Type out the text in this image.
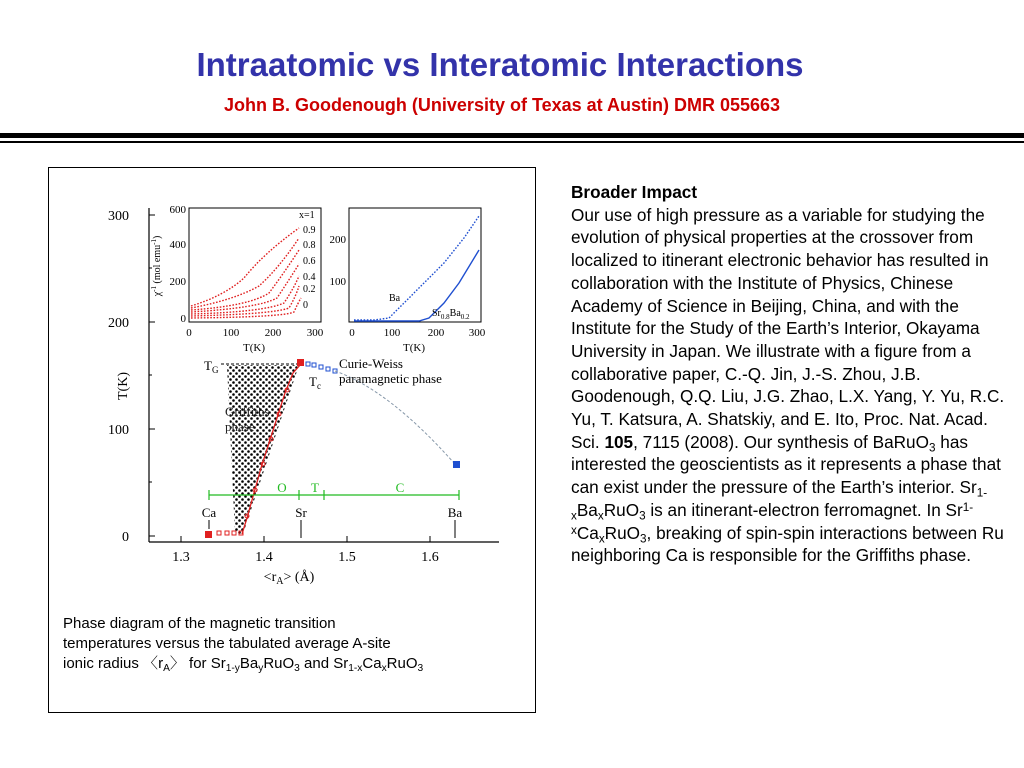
Intraatomic vs Interatomic Interactions
John B. Goodenough (University of Texas at Austin) DMR 055663
300
200
100
0
T(K)
1.3	1.4	1.5	1.6
$<r_A>$ (Å)
Griffiths
phase
$T_G$
$T_c$
Curie-Weiss
paramagnetic phase
O T	C
Ca	Sr	Ba
600
400
200
0
0	100 200 300
T(K)
$\chi^{-1}$ (mol emu$^{-1}$)
x=1
0.9
0.8
0.6
0.4
0.2
0
200
100
0	100	200 300
T(K)
Ba
$Sr_{0.8}Ba_{0.2}$
Phase diagram of the magnetic transition
temperatures versus the tabulated average A-site
ionic radius 〈$r_A$〉 for $Sr_{1-y}Ba_yRuO_3$ and $Sr_{1-x}Ca_xRuO_3$
Broader Impact
Our use of high pressure as a variable for studying the evolution of physical properties at the crossover from localized to itinerant electronic behavior has resulted in collaboration with the Institute of Physics, Chinese Academy of Science in Beijing, China, and with the Institute for the Study of the Earth’s Interior, Okayama University in Japan. We illustrate with a figure from a collaborative paper, C.-Q. Jin, J.-S. Zhou, J.B. Goodenough, Q.Q. Liu, J.G. Zhao, L.X. Yang, Y. Yu, R.C. Yu, T. Katsura, A. Shatskiy, and E. Ito, Proc. Nat. Acad. Sci. 105, 7115 (2008). Our synthesis of BaRuO$_3$ has interested the geoscientists as it represents a phase that can exist under the pressure of the Earth’s interior. $Sr_{1-x}Ba_xRuO_3$ is an itinerant-electron ferromagnet. In $Sr^{1-x}Ca_xRuO_3$, breaking of spin-spin interactions between Ru neighboring Ca is responsible for the Griffiths phase.
